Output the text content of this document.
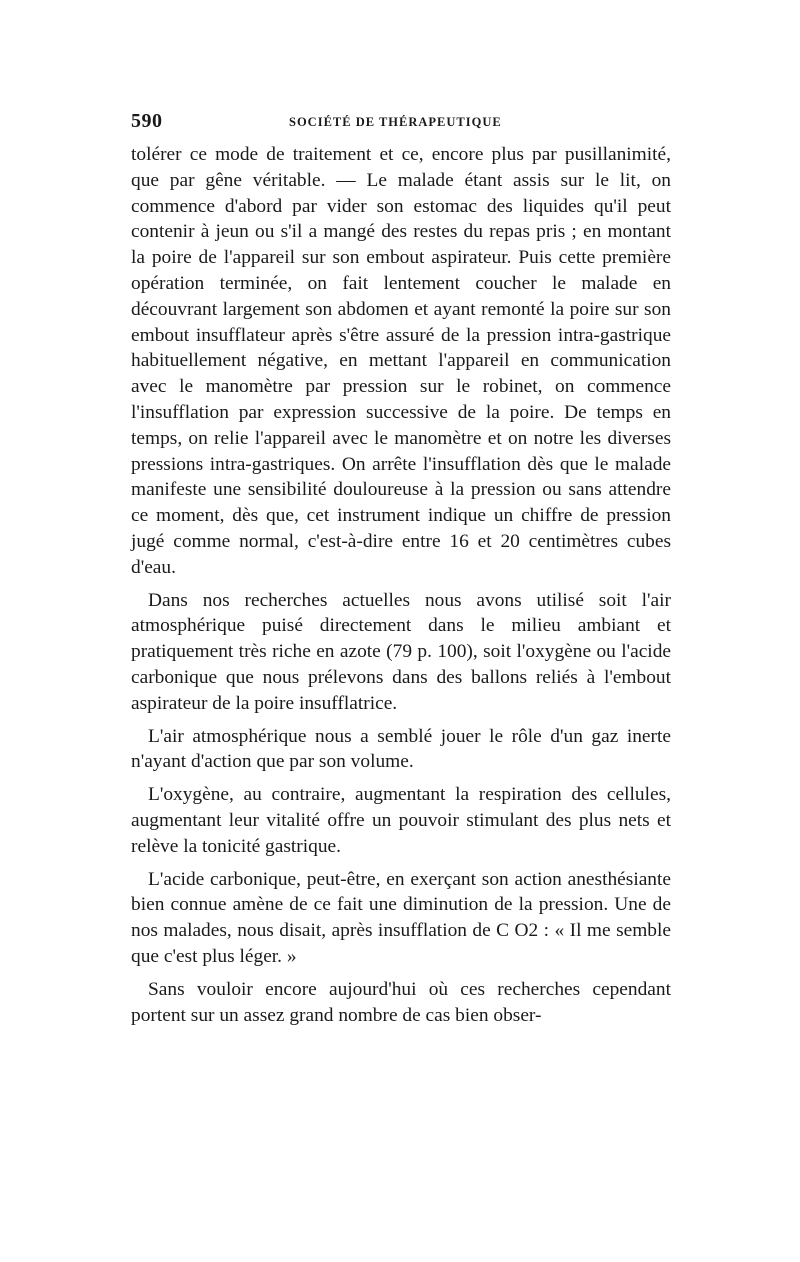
590	SOCIÉTÉ DE THÉRAPEUTIQUE

tolérer ce mode de traitement et ce, encore plus par pusillanimité, que par gêne véritable. — Le malade étant assis sur le lit, on commence d'abord par vider son estomac des liquides qu'il peut contenir à jeun ou s'il a mangé des restes du repas pris ; en montant la poire de l'appareil sur son embout aspirateur. Puis cette première opération terminée, on fait lentement coucher le malade en découvrant largement son abdomen et ayant remonté la poire sur son embout insufflateur après s'être assuré de la pression intra-gastrique habituellement négative, en mettant l'appareil en communication avec le manomètre par pression sur le robinet, on commence l'insufflation par expression successive de la poire. De temps en temps, on relie l'appareil avec le manomètre et on notre les diverses pressions intra-gastriques. On arrête l'insufflation dès que le malade manifeste une sensibilité douloureuse à la pression ou sans attendre ce moment, dès que, cet instrument indique un chiffre de pression jugé comme normal, c'est-à-dire entre 16 et 20 centimètres cubes d'eau.

Dans nos recherches actuelles nous avons utilisé soit l'air atmosphérique puisé directement dans le milieu ambiant et pratiquement très riche en azote (79 p. 100), soit l'oxygène ou l'acide carbonique que nous prélevons dans des ballons reliés à l'embout aspirateur de la poire insufflatrice.

L'air atmosphérique nous a semblé jouer le rôle d'un gaz inerte n'ayant d'action que par son volume.

L'oxygène, au contraire, augmentant la respiration des cellules, augmentant leur vitalité offre un pouvoir stimulant des plus nets et relève la tonicité gastrique.

L'acide carbonique, peut-être, en exerçant son action anesthésiante bien connue amène de ce fait une diminution de la pression. Une de nos malades, nous disait, après insufflation de C O2 : « Il me semble que c'est plus léger. »

Sans vouloir encore aujourd'hui où ces recherches cependant portent sur un assez grand nombre de cas bien obser-
